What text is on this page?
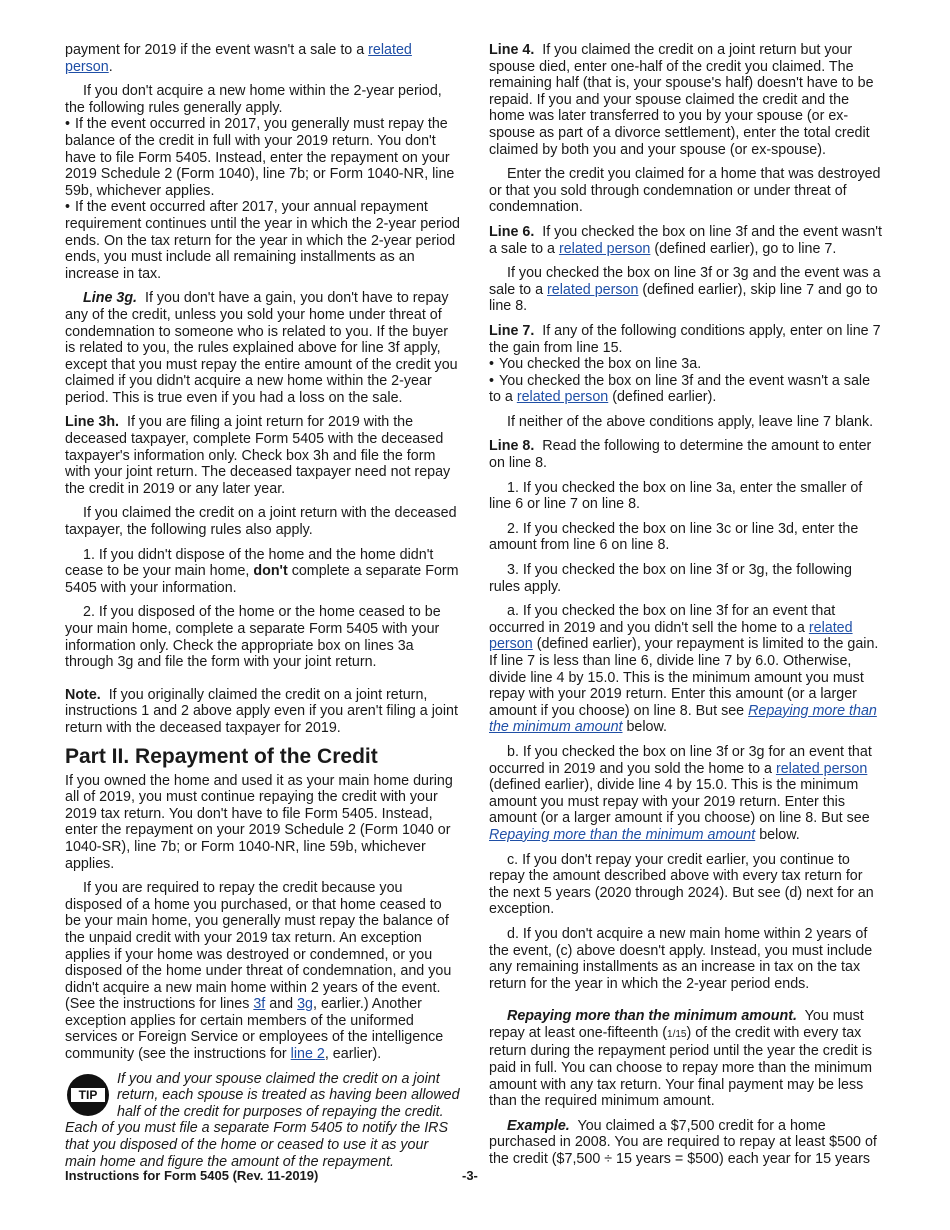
payment for 2019 if the event wasn't a sale to a related person.

If you don't acquire a new home within the 2-year period, the following rules generally apply.

• If the event occurred in 2017, you generally must repay the balance of the credit in full with your 2019 return. You don't have to file Form 5405. Instead, enter the repayment on your 2019 Schedule 2 (Form 1040), line 7b; or Form 1040-NR, line 59b, whichever applies.
• If the event occurred after 2017, your annual repayment requirement continues until the year in which the 2-year period ends. On the tax return for the year in which the 2-year period ends, you must include all remaining installments as an increase in tax.

Line 3g. If you don't have a gain, you don't have to repay any of the credit, unless you sold your home under threat of condemnation to someone who is related to you. If the buyer is related to you, the rules explained above for line 3f apply, except that you must repay the entire amount of the credit you claimed if you didn't acquire a new home within the 2-year period. This is true even if you had a loss on the sale.

Line 3h. If you are filing a joint return for 2019 with the deceased taxpayer, complete Form 5405 with the deceased taxpayer's information only. Check box 3h and file the form with your joint return. The deceased taxpayer need not repay the credit in 2019 or any later year.

If you claimed the credit on a joint return with the deceased taxpayer, the following rules also apply.

1. If you didn't dispose of the home and the home didn't cease to be your main home, don't complete a separate Form 5405 with your information.

2. If you disposed of the home or the home ceased to be your main home, complete a separate Form 5405 with your information only. Check the appropriate box on lines 3a through 3g and file the form with your joint return.

Note. If you originally claimed the credit on a joint return, instructions 1 and 2 above apply even if you aren't filing a joint return with the deceased taxpayer for 2019.

Part II. Repayment of the Credit

If you owned the home and used it as your main home during all of 2019, you must continue repaying the credit with your 2019 tax return. You don't have to file Form 5405. Instead, enter the repayment on your 2019 Schedule 2 (Form 1040 or 1040-SR), line 7b; or Form 1040-NR, line 59b, whichever applies.

If you are required to repay the credit because you disposed of a home you purchased, or that home ceased to be your main home, you generally must repay the balance of the unpaid credit with your 2019 tax return. An exception applies if your home was destroyed or condemned, or you disposed of the home under threat of condemnation, and you didn't acquire a new main home within 2 years of the event. (See the instructions for lines 3f and 3g, earlier.) Another exception applies for certain members of the uniformed services or Foreign Service or employees of the intelligence community (see the instructions for line 2, earlier).

TIP
If you and your spouse claimed the credit on a joint return, each spouse is treated as having been allowed half of the credit for purposes of repaying the credit. Each of you must file a separate Form 5405 to notify the IRS that you disposed of the home or ceased to use it as your main home and figure the amount of the repayment.

Line 4. If you claimed the credit on a joint return but your spouse died, enter one-half of the credit you claimed. The remaining half (that is, your spouse's half) doesn't have to be repaid. If you and your spouse claimed the credit and the home was later transferred to you by your spouse (or ex-spouse as part of a divorce settlement), enter the total credit claimed by both you and your spouse (or ex-spouse).

Enter the credit you claimed for a home that was destroyed or that you sold through condemnation or under threat of condemnation.

Line 6. If you checked the box on line 3f and the event wasn't a sale to a related person (defined earlier), go to line 7.

If you checked the box on line 3f or 3g and the event was a sale to a related person (defined earlier), skip line 7 and go to line 8.

Line 7. If any of the following conditions apply, enter on line 7 the gain from line 15.

• You checked the box on line 3a.
• You checked the box on line 3f and the event wasn't a sale to a related person (defined earlier).

If neither of the above conditions apply, leave line 7 blank.

Line 8. Read the following to determine the amount to enter on line 8.

1. If you checked the box on line 3a, enter the smaller of line 6 or line 7 on line 8.

2. If you checked the box on line 3c or line 3d, enter the amount from line 6 on line 8.

3. If you checked the box on line 3f or 3g, the following rules apply.

a. If you checked the box on line 3f for an event that occurred in 2019 and you didn't sell the home to a related person (defined earlier), your repayment is limited to the gain. If line 7 is less than line 6, divide line 7 by 6.0. Otherwise, divide line 4 by 15.0. This is the minimum amount you must repay with your 2019 return. Enter this amount (or a larger amount if you choose) on line 8. But see Repaying more than the minimum amount below.

b. If you checked the box on line 3f or 3g for an event that occurred in 2019 and you sold the home to a related person (defined earlier), divide line 4 by 15.0. This is the minimum amount you must repay with your 2019 return. Enter this amount (or a larger amount if you choose) on line 8. But see Repaying more than the minimum amount below.

c. If you don't repay your credit earlier, you continue to repay the amount described above with every tax return for the next 5 years (2020 through 2024). But see (d) next for an exception.

d. If you don't acquire a new main home within 2 years of the event, (c) above doesn't apply. Instead, you must include any remaining installments as an increase in tax on the tax return for the year in which the 2-year period ends.

Repaying more than the minimum amount. You must repay at least one-fifteenth (1/15) of the credit with every tax return during the repayment period until the year the credit is paid in full. You can choose to repay more than the minimum amount with any tax return. Your final payment may be less than the required minimum amount.

Example. You claimed a $7,500 credit for a home purchased in 2008. You are required to repay at least $500 of the credit ($7,500 ÷ 15 years = $500) each year for 15 years

Instructions for Form 5405 (Rev. 11-2019)	-3-
